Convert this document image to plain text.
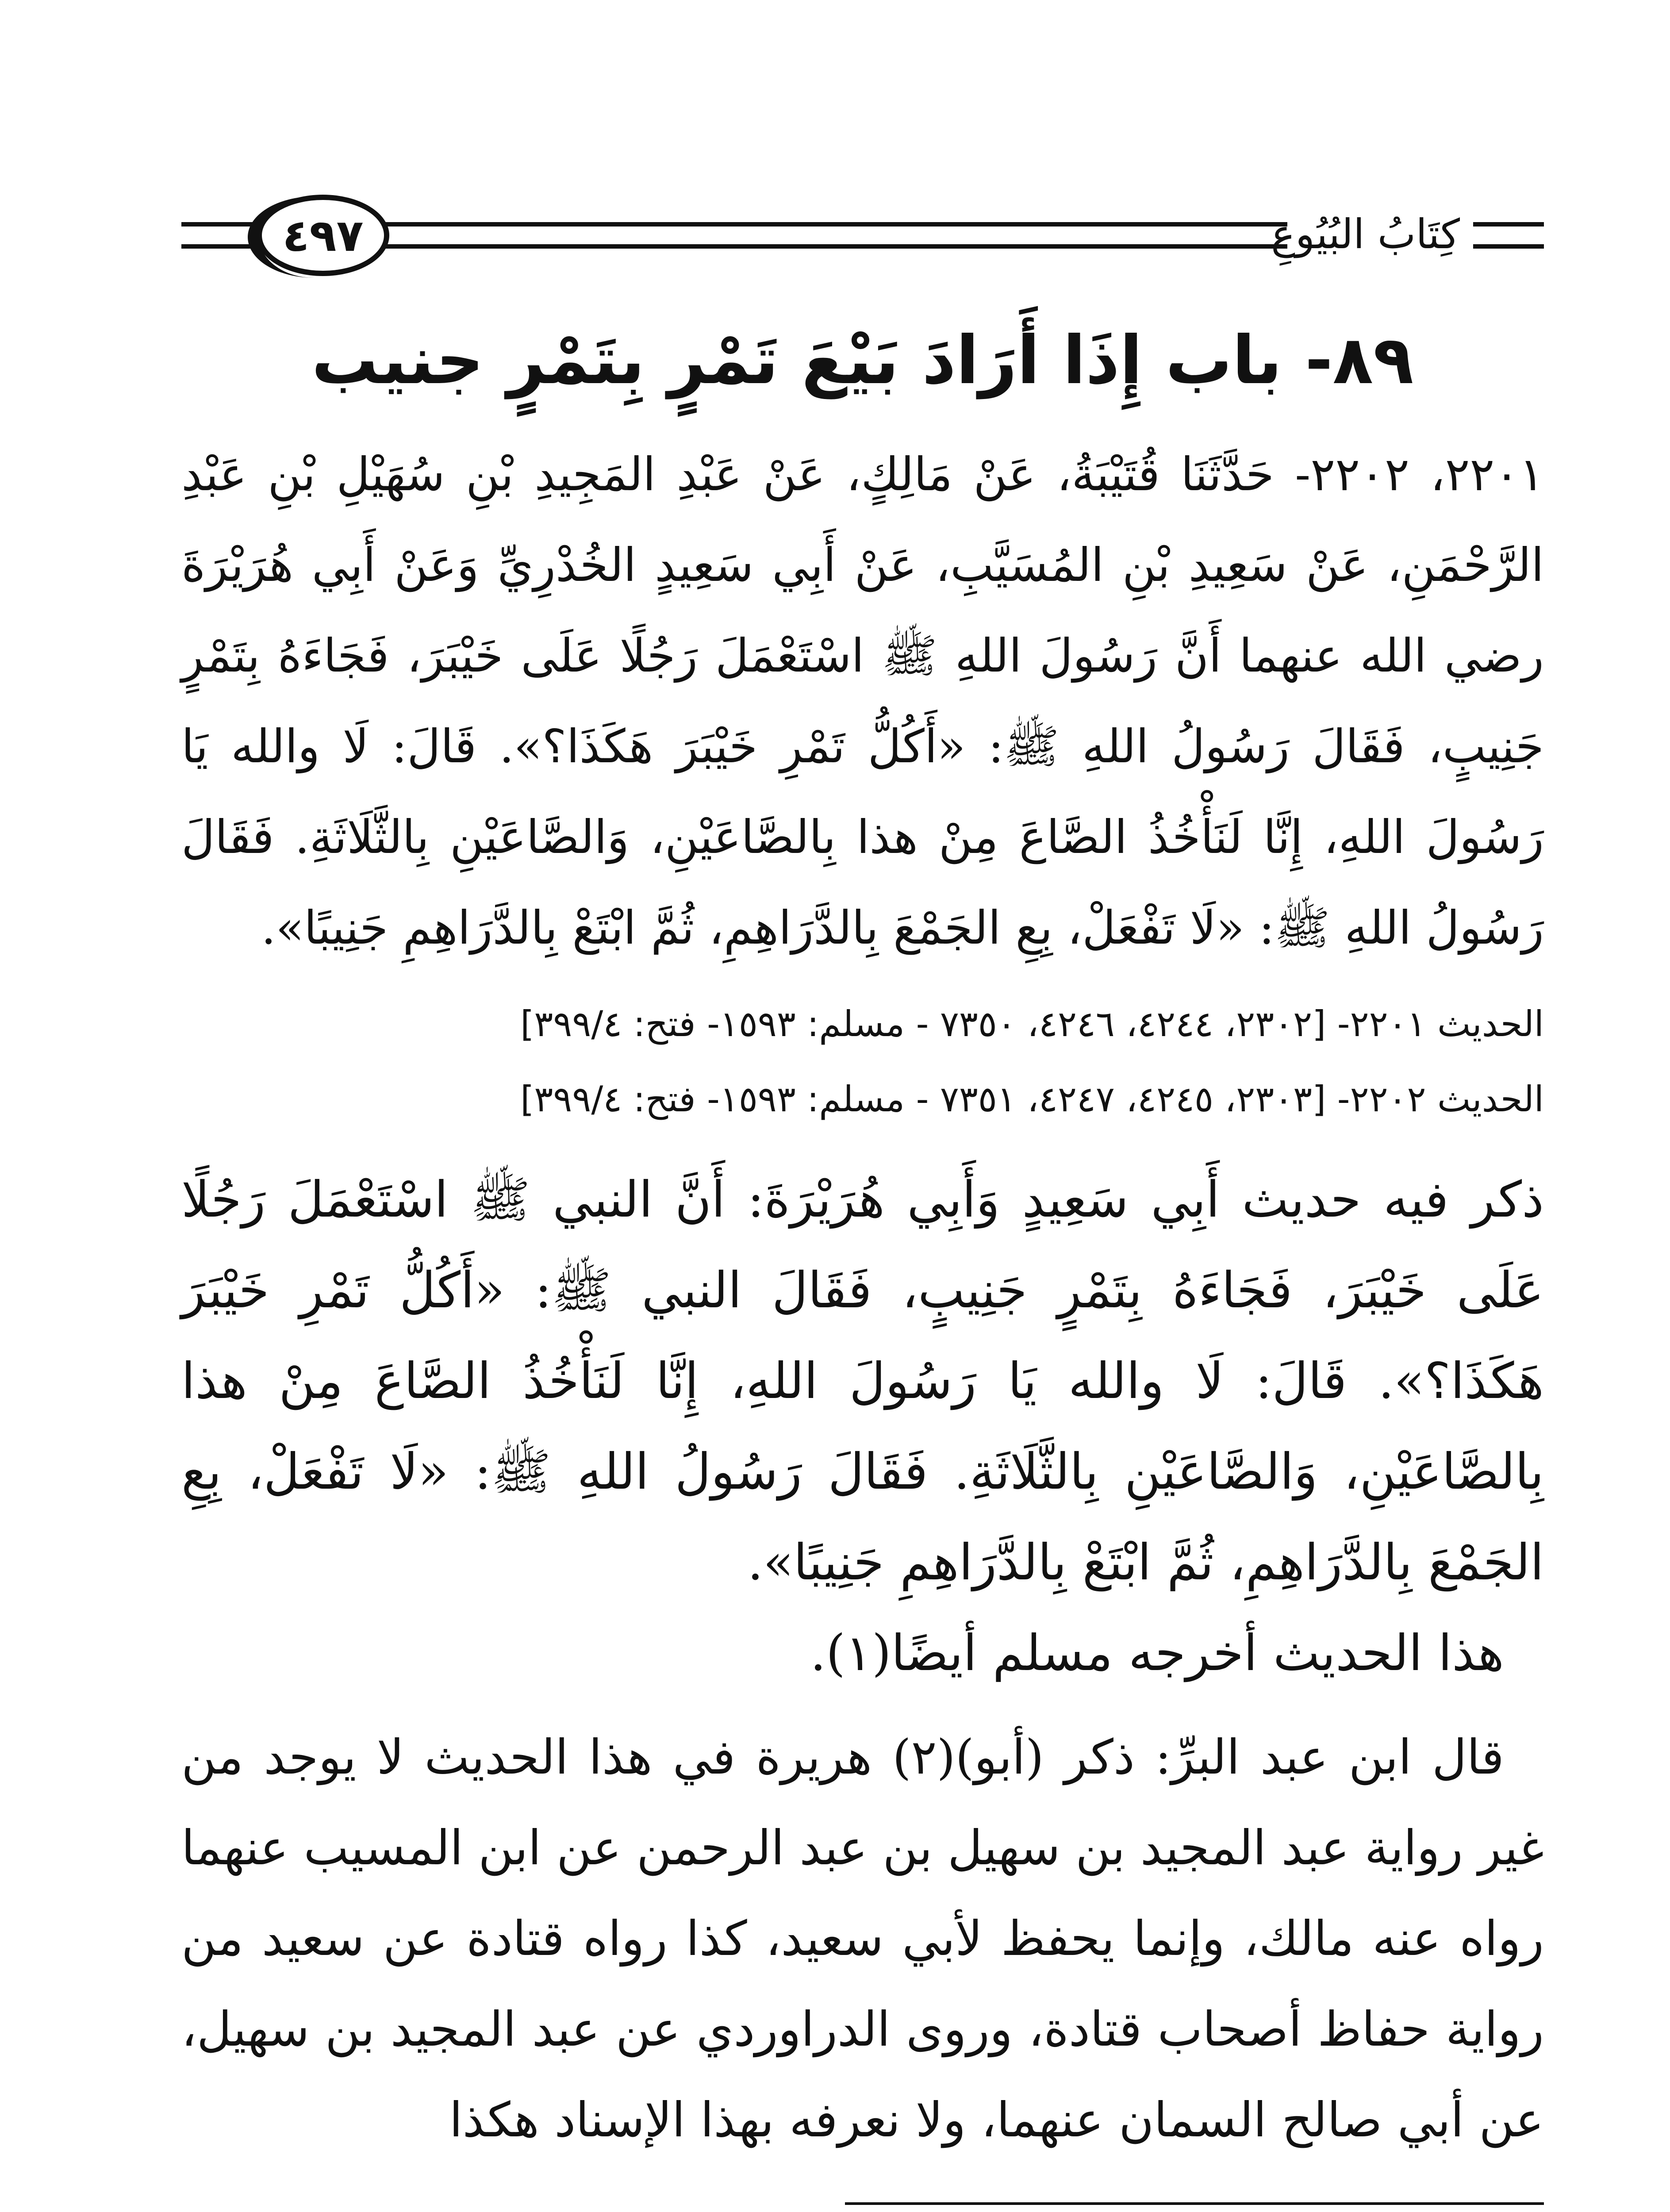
٤٩٧	كِتَابُ البُيُوعِ
٨٩- باب إِذَا أَرَادَ بَيْعَ تَمْرٍ بِتَمْرٍ جنيب

٢٢٠١، ٢٢٠٢- حَدَّثَنَا قُتَيْبَةُ، عَنْ مَالِكٍ، عَنْ عَبْدِ المَجِيدِ بْنِ سُهَيْلِ بْنِ عَبْدِ الرَّحْمَنِ، عَنْ سَعِيدِ بْنِ المُسَيَّبِ، عَنْ أَبِي سَعِيدٍ الخُدْرِيِّ وَعَنْ أَبِي هُرَيْرَةَ رضي الله عنهما أَنَّ رَسُولَ اللهِ ﷺ اسْتَعْمَلَ رَجُلًا عَلَى خَيْبَرَ، فَجَاءَهُ بِتَمْرٍ جَنِيبٍ، فَقَالَ رَسُولُ اللهِ ﷺ: «أَكُلُّ تَمْرِ خَيْبَرَ هَكَذَا؟». قَالَ: لَا والله يَا رَسُولَ اللهِ، إِنَّا لَنَأْخُذُ الصَّاعَ مِنْ هذا بِالصَّاعَيْنِ، وَالصَّاعَيْنِ بِالثَّلَاثَةِ. فَقَالَ رَسُولُ اللهِ ﷺ: «لَا تَفْعَلْ، بِعِ الجَمْعَ بِالدَّرَاهِمِ، ثُمَّ ابْتَعْ بِالدَّرَاهِمِ جَنِيبًا».

الحديث ٢٢٠١- [٢٣٠٢، ٤٢٤٤، ٤٢٤٦، ٧٣٥٠ - مسلم: ١٥٩٣- فتح: ٣٩٩/٤]
الحديث ٢٢٠٢- [٢٣٠٣، ٤٢٤٥، ٤٢٤٧، ٧٣٥١ - مسلم: ١٥٩٣- فتح: ٣٩٩/٤]

ذكر فيه حديث أَبِي سَعِيدٍ وَأَبِي هُرَيْرَةَ: أَنَّ النبي ﷺ اسْتَعْمَلَ رَجُلًا عَلَى خَيْبَرَ، فَجَاءَهُ بِتَمْرٍ جَنِيبٍ، فَقَالَ النبي ﷺ: «أَكُلُّ تَمْرِ خَيْبَرَ هَكَذَا؟». قَالَ: لَا والله يَا رَسُولَ اللهِ، إِنَّا لَنَأْخُذُ الصَّاعَ مِنْ هذا بِالصَّاعَيْنِ، وَالصَّاعَيْنِ بِالثَّلَاثَةِ. فَقَالَ رَسُولُ اللهِ ﷺ: «لَا تَفْعَلْ، بِعِ الجَمْعَ بِالدَّرَاهِمِ، ثُمَّ ابْتَعْ بِالدَّرَاهِمِ جَنِيبًا».

هذا الحديث أخرجه مسلم أيضًا(١).

قال ابن عبد البرِّ: ذكر (أبو)(٢) هريرة في هذا الحديث لا يوجد من غير رواية عبد المجيد بن سهيل بن عبد الرحمن عن ابن المسيب عنهما رواه عنه مالك، وإنما يحفظ لأبي سعيد، كذا رواه قتادة عن سعيد من رواية حفاظ أصحاب قتادة، وروى الدراوردي عن عبد المجيد بن سهيل، عن أبي صالح السمان عنهما، ولا نعرفه بهذا الإسناد هكذا
